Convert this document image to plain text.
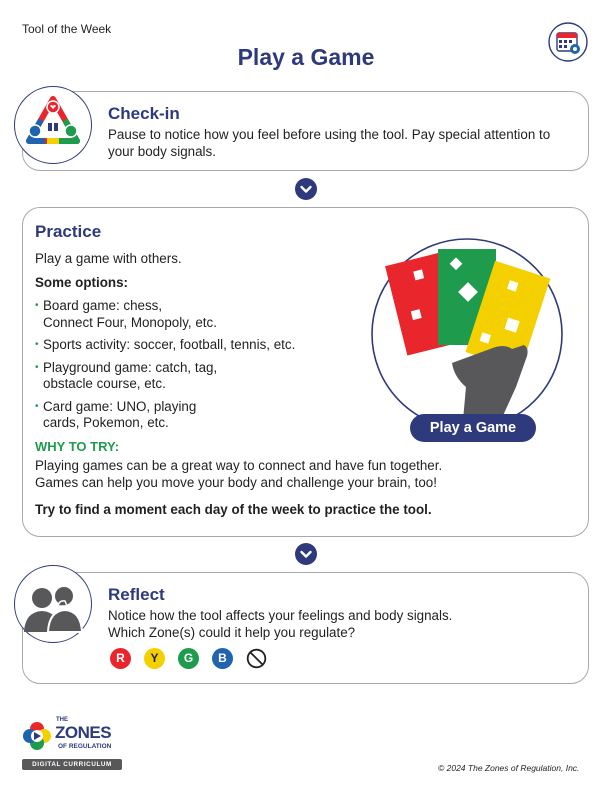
Tool of the Week
Play a Game
Check-in
Pause to notice how you feel before using the tool. Pay special attention to your body signals.
Practice
Play a game with others.
Some options:
• Board game: chess,
Connect Four, Monopoly, etc.
• Sports activity: soccer, football, tennis, etc.
• Playground game: catch, tag,
obstacle course, etc.
• Card game: UNO, playing
cards, Pokemon, etc.	Play a Game
WHY TO TRY:
Playing games can be a great way to connect and have fun together.
Games can help you move your body and challenge your brain, too!
Try to find a moment each day of the week to practice the tool.
Reflect
Notice how the tool affects your feelings and body signals.
Which Zone(s) could it help you regulate?
R	Y	G	B
THE
ZONES
OF REGULATION
DIGITAL CURRICULUM	© 2024 The Zones of Regulation, Inc.
